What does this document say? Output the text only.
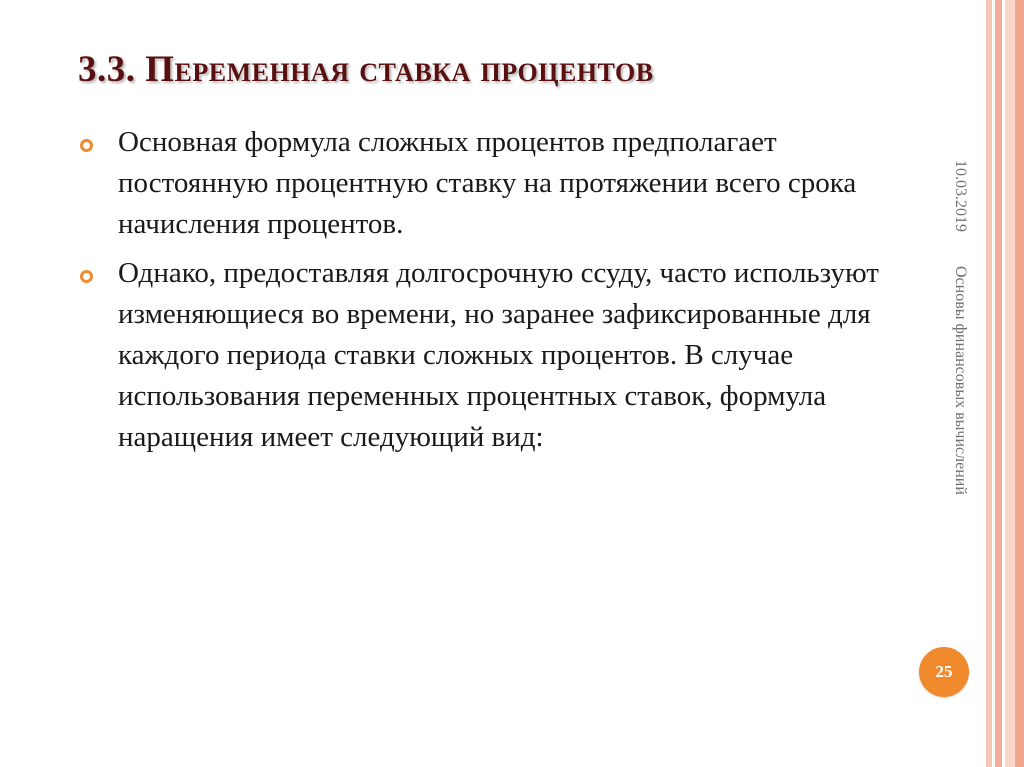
3.3. Переменная ставка процентов
Основная формула сложных процентов предполагает постоянную процентную ставку на протяжении всего срока начисления процентов.
Однако, предоставляя долгосрочную ссуду, часто используют изменяющиеся во времени, но заранее зафиксированные для каждого периода ставки сложных процентов. В случае использования переменных процентных ставок, формула наращения имеет следующий вид:
10.03.2019 Основы финансовых вычислений
25
